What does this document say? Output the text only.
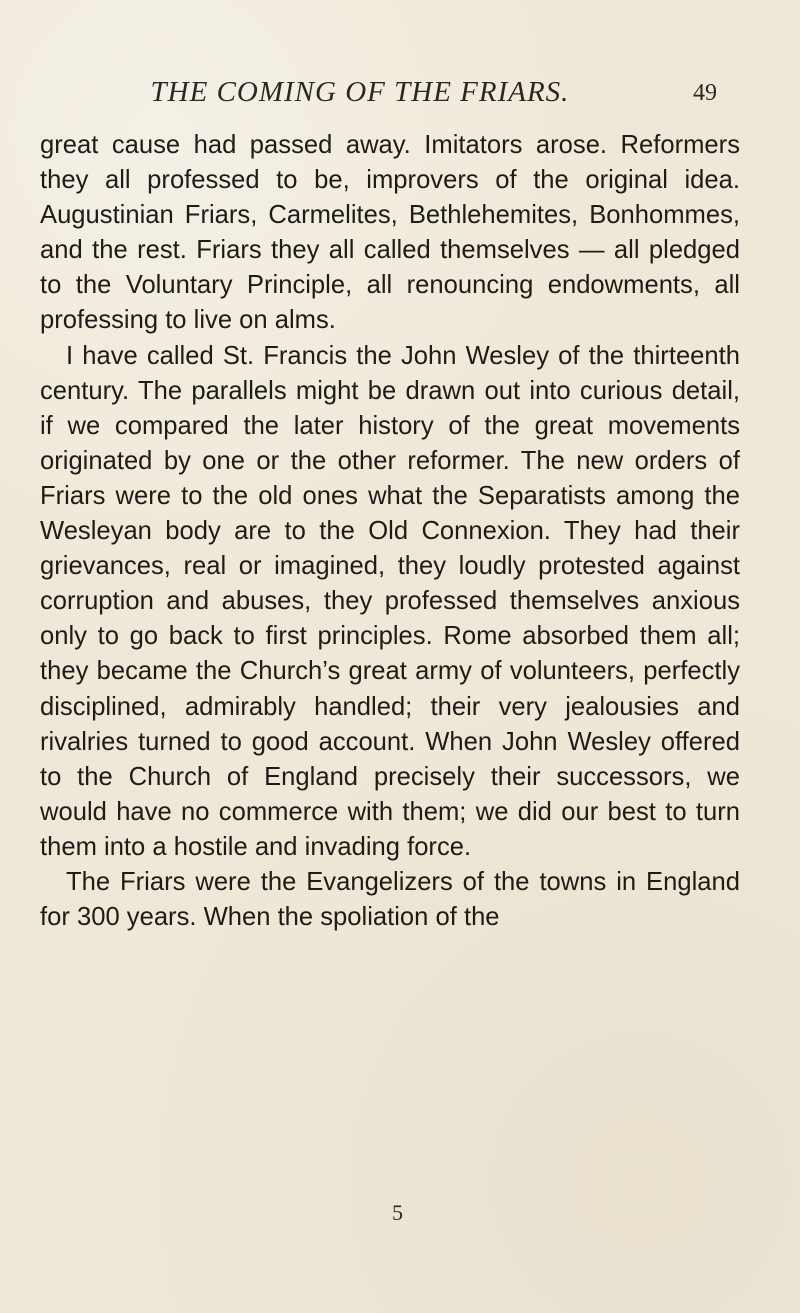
THE COMING OF THE FRIARS.	49

great cause had passed away. Imitators arose. Reformers they all professed to be, improvers of the original idea. Augustinian Friars, Carmelites, Bethlehemites, Bonhommes, and the rest. Friars they all called themselves — all pledged to the Voluntary Principle, all renouncing endowments, all professing to live on alms.

I have called St. Francis the John Wesley of the thirteenth century. The parallels might be drawn out into curious detail, if we compared the later history of the great movements originated by one or the other reformer. The new orders of Friars were to the old ones what the Separatists among the Wesleyan body are to the Old Connexion. They had their grievances, real or imagined, they loudly protested against corruption and abuses, they professed themselves anxious only to go back to first principles. Rome absorbed them all; they became the Church’s great army of volunteers, perfectly disciplined, admirably handled; their very jealousies and rivalries turned to good account. When John Wesley offered to the Church of England precisely their successors, we would have no commerce with them; we did our best to turn them into a hostile and invading force.

The Friars were the Evangelizers of the towns in England for 300 years. When the spoliation of the

5
